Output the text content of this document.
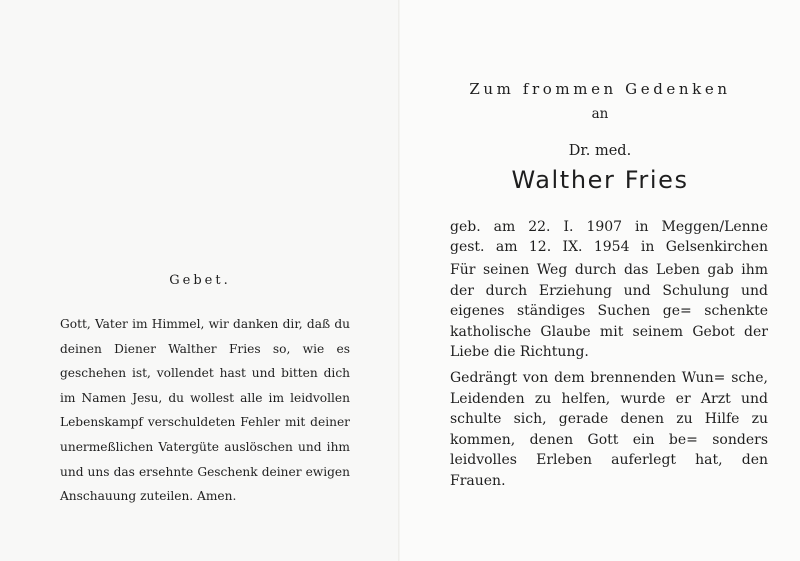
Gebet.

Gott, Vater im Himmel, wir danken dir, daß du deinen Diener Walther Fries so, wie es geschehen ist, vollendet hast und bitten dich im Namen Jesu, du wollest alle im leidvollen Lebenskampf verschuldeten Fehler mit deiner unermeßlichen Vatergüte auslöschen und ihm und uns das ersehnte Geschenk deiner ewigen Anschauung zuteilen. Amen.

Zum frommen Gedenken
an
Dr. med.
Walther Fries
geb. am 22. I. 1907 in Meggen/Lenne
gest. am 12. IX. 1954 in Gelsenkirchen

Für seinen Weg durch das Leben gab ihm der durch Erziehung und Schulung und eigenes ständiges Suchen ge= schenkte katholische Glaube mit seinem Gebot der Liebe die Richtung.

Gedrängt von dem brennenden Wun= sche, Leidenden zu helfen, wurde er Arzt und schulte sich, gerade denen zu Hilfe zu kommen, denen Gott ein be= sonders leidvolles Erleben auferlegt hat, den Frauen.
